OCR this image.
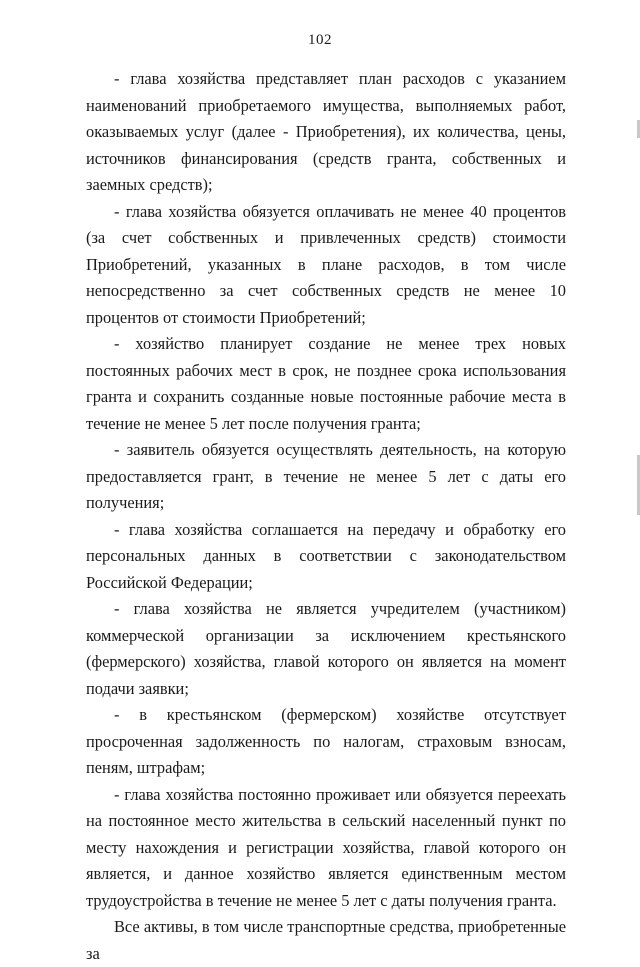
102

- глава хозяйства представляет план расходов с указанием наименований приобретаемого имущества, выполняемых работ, оказываемых услуг (далее - Приобретения), их количества, цены, источников финансирования (средств гранта, собственных и заемных средств);

- глава хозяйства обязуется оплачивать не менее 40 процентов (за счет собственных и привлеченных средств) стоимости Приобретений, указанных в плане расходов, в том числе непосредственно за счет собственных средств не менее 10 процентов от стоимости Приобретений;

- хозяйство планирует создание не менее трех новых постоянных рабочих мест в срок, не позднее срока использования гранта и сохранить созданные новые постоянные рабочие места в течение не менее 5 лет после получения гранта;

- заявитель обязуется осуществлять деятельность, на которую предоставляется грант, в течение не менее 5 лет с даты его получения;

- глава хозяйства соглашается на передачу и обработку его персональных данных в соответствии с законодательством Российской Федерации;

- глава хозяйства не является учредителем (участником) коммерческой организации за исключением крестьянского (фермерского) хозяйства, главой которого он является на момент подачи заявки;

- в крестьянском (фермерском) хозяйстве отсутствует просроченная задолженность по налогам, страховым взносам, пеням, штрафам;

- глава хозяйства постоянно проживает или обязуется переехать на постоянное место жительства в сельский населенный пункт по месту нахождения и регистрации хозяйства, главой которого он является, и данное хозяйство является единственным местом трудоустройства в течение не менее 5 лет с даты получения гранта.

Все активы, в том числе транспортные средства, приобретенные за
